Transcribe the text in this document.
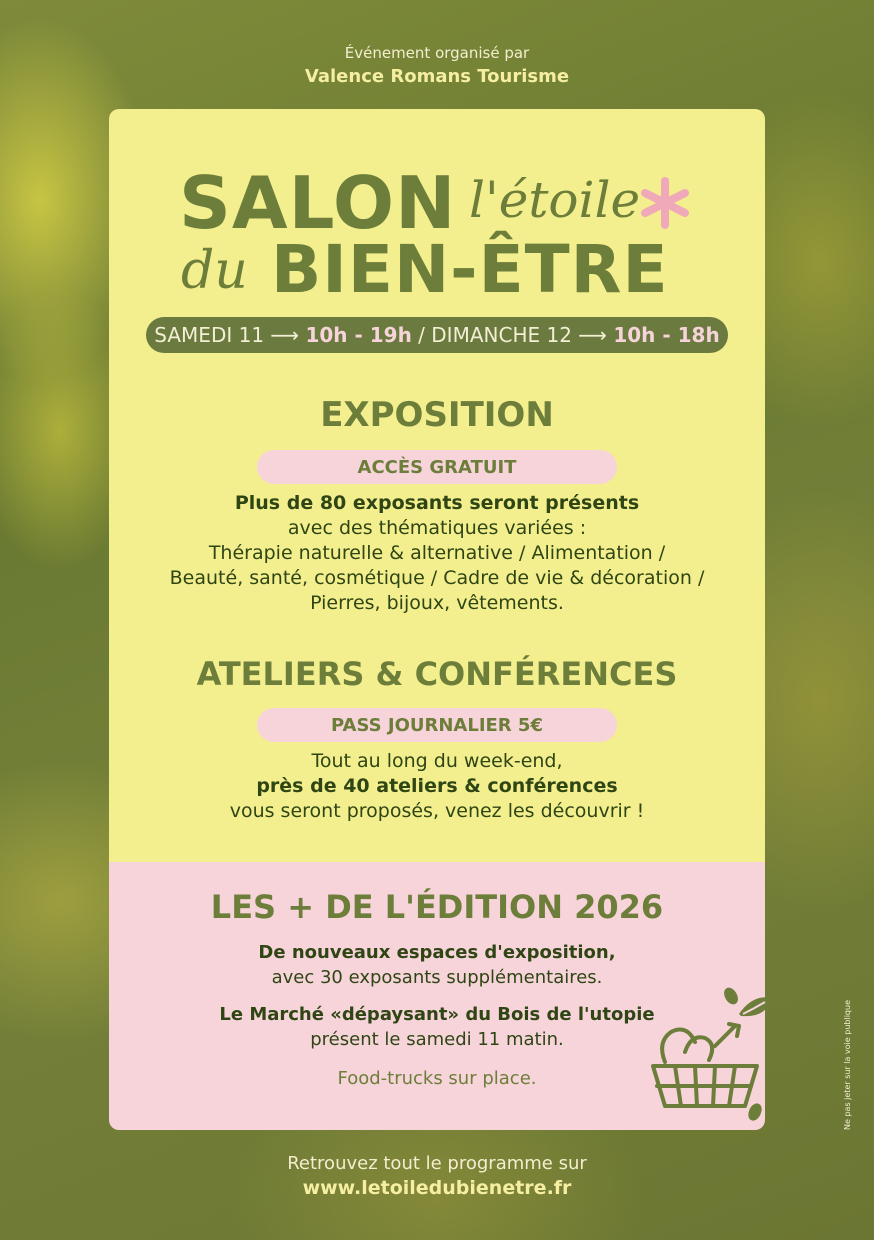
Événement organisé par
Valence Romans Tourisme
SALON l'étoile
du BIEN-ÊTRE
SAMEDI 11 ⟶ 10h - 19h
/
DIMANCHE 12 ⟶ 10h - 18h
EXPOSITION
ACCÈS GRATUIT
Plus de 80 exposants seront présents
avec des thématiques variées :
Thérapie naturelle & alternative / Alimentation /
Beauté, santé, cosmétique / Cadre de vie & décoration /
Pierres, bijoux, vêtements.
ATELIERS & CONFÉRENCES
PASS JOURNALIER 5€
Tout au long du week-end,
près de 40 ateliers & conférences
vous seront proposés, venez les découvrir !
LES + DE L'ÉDITION 2026
De nouveaux espaces d'exposition,
avec 30 exposants supplémentaires.
Le Marché «dépaysant» du Bois de l'utopie
présent le samedi 11 matin.
Food-trucks sur place.	Ne pas jeter sur la voie publique
Retrouvez tout le programme sur
www.letoiledubienetre.fr
